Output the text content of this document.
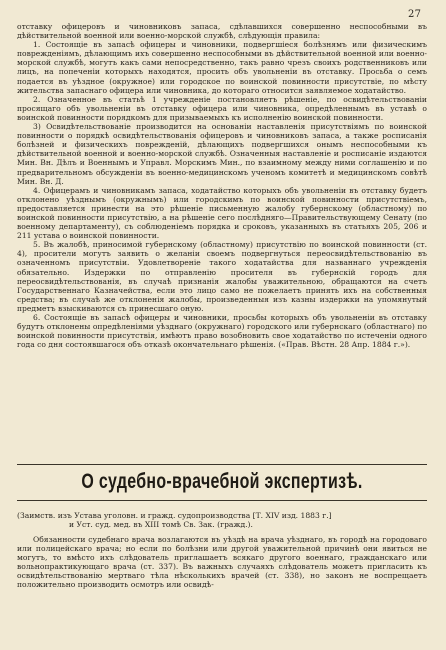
27

отставку офицеровъ и чиновниковъ запаса, сдѣлавшихся совершенно неспособными въ дѣйствительной военной или военно-морской службѣ, слѣдующія правила:

1. Состоящіе въ запасѣ офицеры и чиновники, подвергшіеся болѣзнямъ или физическимъ поврежденіямъ, дѣлающимъ ихъ совершенно неспособными въ дѣйствительной военной или военно-морской службѣ, могутъ какъ сами непосредственно, такъ равно чрезъ своихъ родственниковъ или лицъ, на попеченіи которыхъ находятся, просить объ увольненіи въ отставку. Просьба о семъ подается въ уѣздное (окружное) или городское по воинской повинности присутствіе, по мѣсту жительства запаснаго офицера или чиновника, до котораго относится заявляемое ходатайство.

2. Означенное въ статьѣ 1 учрежденіе постановляетъ рѣшеніе, по освидѣтельствованіи просящаго объ увольненіи въ отставку офицера или чиновника, опредѣленнымъ въ уставѣ о воинской повинности порядкомъ для призываемыхъ къ исполненію воинской повинности.

3) Освидѣтельствованіе производится на основаніи наставленія присутствіямъ по воинской повинности о порядкѣ освидѣтельствованія офицеровъ и чиновниковъ запаса, а также росписанія болѣзней и физическихъ поврежденій, дѣлающихъ подвергшихся онымъ неспособными къ дѣйствительной военной и военно-морской службѣ. Означенныя наставленіе и росписаніе издаются Мин. Вн. Дѣлъ и Военнымъ и Управл. Морскимъ Мин., по взаимному между ними соглашенію и по предварительномъ обсужденіи въ военно-медицинскомъ ученомъ комитетѣ и медицинскомъ совѣтѣ Мин. Вн. Д.

4. Офицерамъ и чиновникамъ запаса, ходатайство которыхъ объ увольненіи въ отставку будетъ отклонено уѣзднымъ (окружнымъ) или городскимъ по воинской повинности присутствіемъ, предоставляется принести на это рѣшеніе письменную жалобу губернскому (областному) по воинской повинности присутствію, а на рѣшеніе сего послѣдняго—Правительствующему Сенату (по военному департаменту), съ соблюденіемъ порядка и сроковъ, указанныхъ въ статьяхъ 205, 206 и 211 устава о воинской повинности.

5. Въ жалобѣ, приносимой губернскому (областному) присутствію по воинской повинности (ст. 4), просители могутъ заявить о желаніи своемъ подвергнуться переосвидѣтельствованію въ означенномъ присутствіи. Удовлетвореніе такого ходатайства для названнаго учрежденія обязательно. Издержки по отправленію просителя въ губернскій городъ для переосвидѣтельствованія, въ случаѣ признанія жалобы уважительною, обращаются на счетъ Государственнаго Казначейства, если это лицо само не пожелаетъ принять ихъ на собственныя средства; въ случаѣ же отклоненія жалобы, произведенныя изъ казны издержки на упомянутый предметъ взыскиваются съ принесшаго оную.

6. Состоящіе въ запасѣ офицеры и чиновники, просьбы которыхъ объ увольненіи въ отставку будутъ отклонены опредѣленіями уѣзднаго (окружнаго) городского или губернскаго (областнаго) по воинской повинности присутствія, имѣютъ право возобновить свое ходатайство по истеченіи одного года со дня состоявшагося объ отказѣ окончательнаго рѣшенія. («Прав. Вѣстн. 28 Апр. 1884 г.»).

О судебно-врачебной экспертизѣ.

(Заимств. изъ Устава уголовн. и гражд. судопроизводства [Т. XIV изд. 1883 г.]

и Уст. суд. мед. въ XIII томѣ Св. Зак. (гражд.).

Обязанности судебнаго врача возлагаются въ уѣздѣ на врача уѣзднаго, въ городѣ на городоваго или полицейскаго врача; но если по болѣзни или другой уважительной причинѣ они явиться не могутъ, то вмѣсто ихъ слѣдователь приглашаетъ всякаго другого военнаго, гражданскаго или вольнопрактикующаго врача (ст. 337). Въ важныхъ случаяхъ слѣдователь можетъ пригласить къ освидѣтельствованію мертваго тѣла нѣсколькихъ врачей (ст. 338), но законъ не воспрещаетъ положительно производить осмотръ или освидѣ-
